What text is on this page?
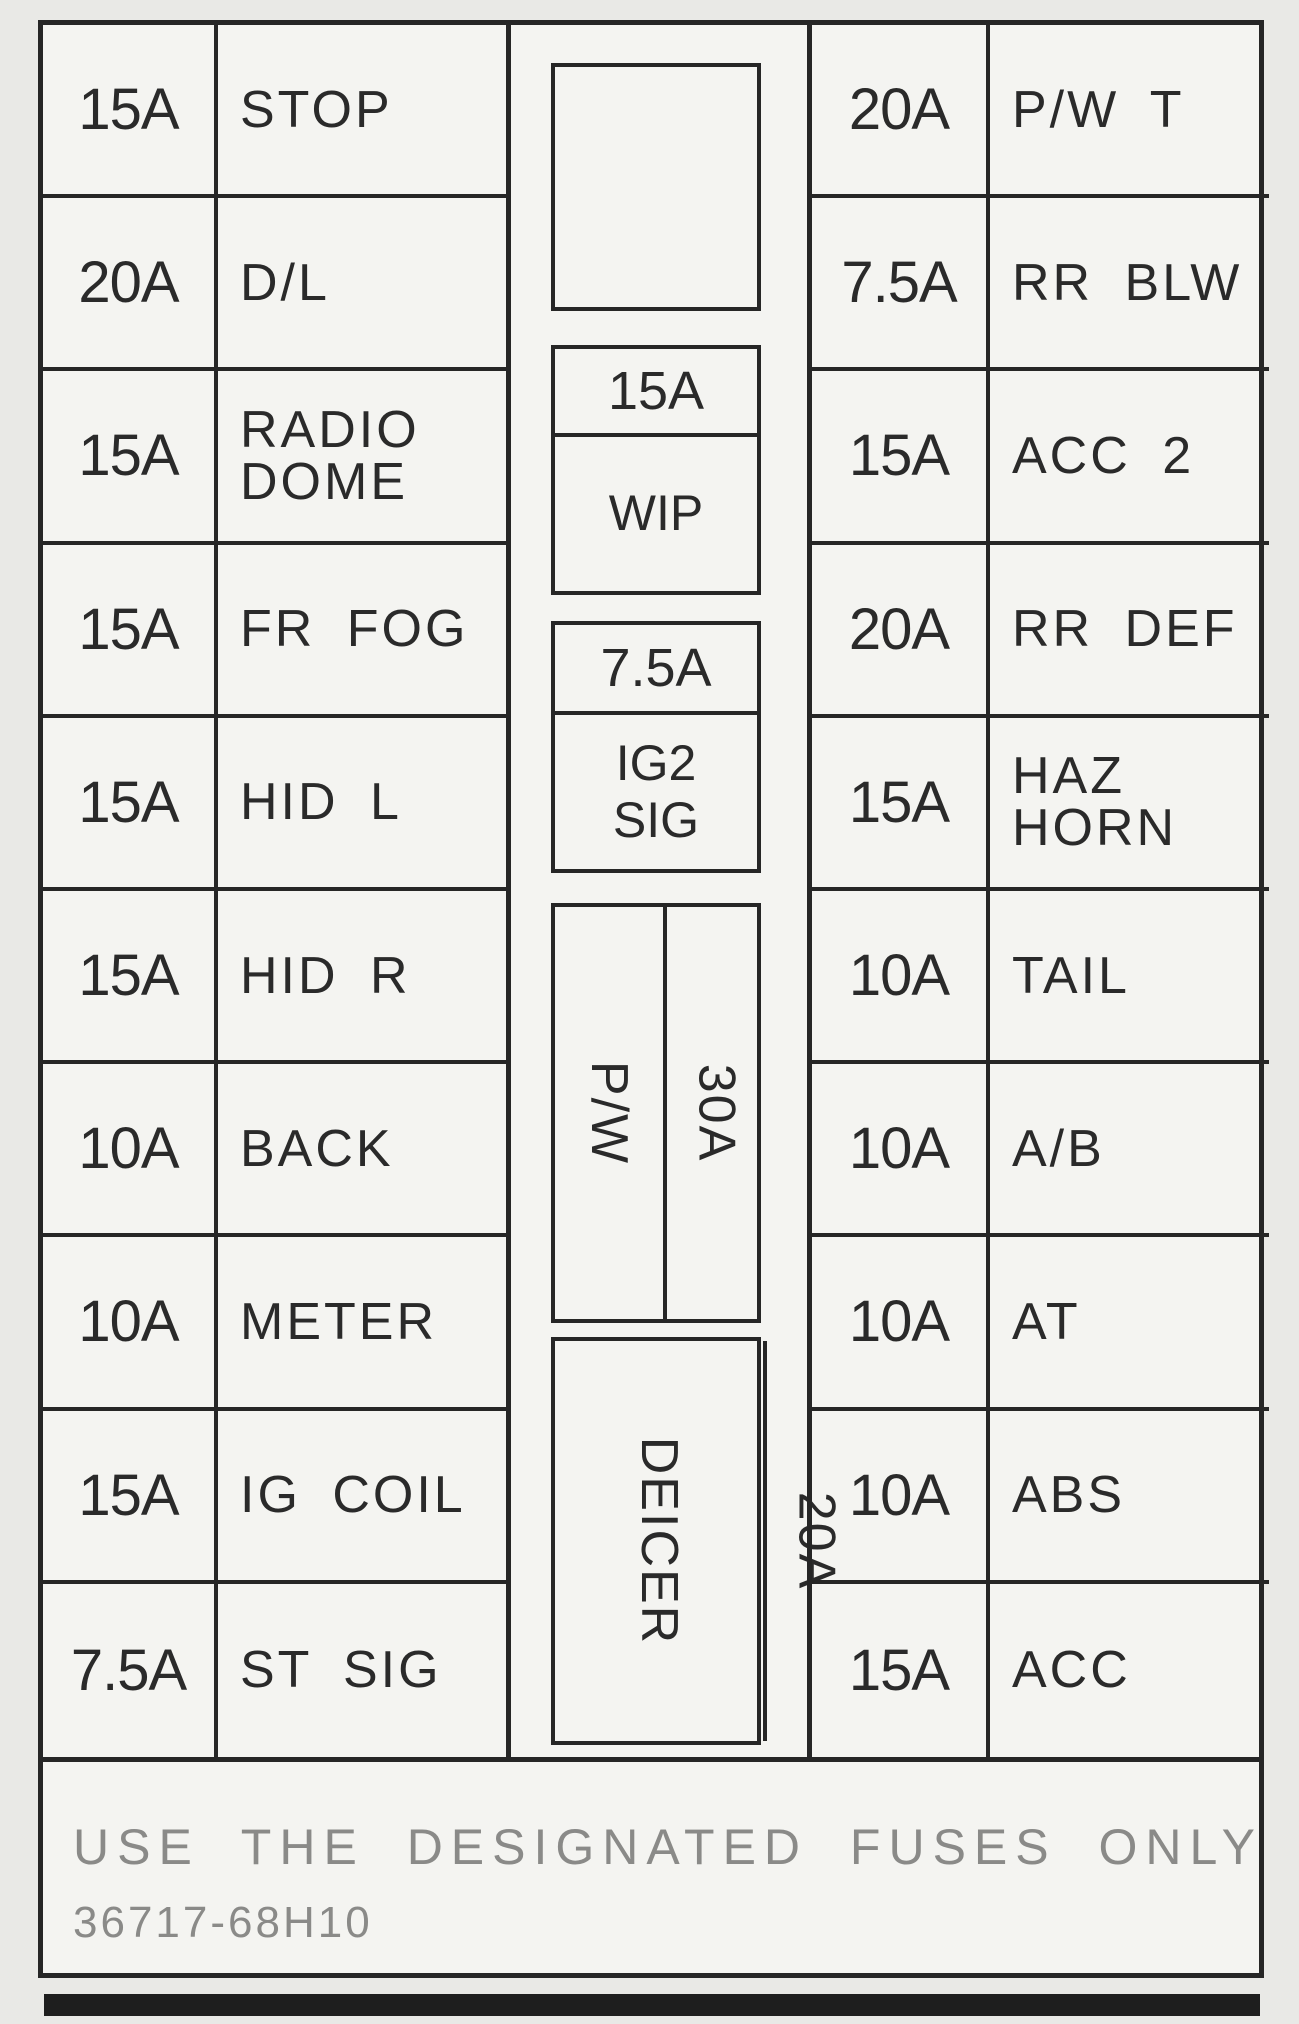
15A	STOP
20A	D/L
15A	RADIO
DOME
15A	FR FOG
15A	HID L
15A	HID R
10A	BACK
10A	METER
15A	IG COIL
7.5A	ST SIG
15A
WIP
7.5A
IG2
SIG
P/W 30A
DEICER 20A
20A	P/W T
7.5A	RR BLW
15A	ACC 2
20A	RR DEF
15A	HAZ
HORN
10A	TAIL
10A	A/B
10A	AT
10A	ABS
15A	ACC
USE THE DESIGNATED FUSES ONLY
36717-68H10
